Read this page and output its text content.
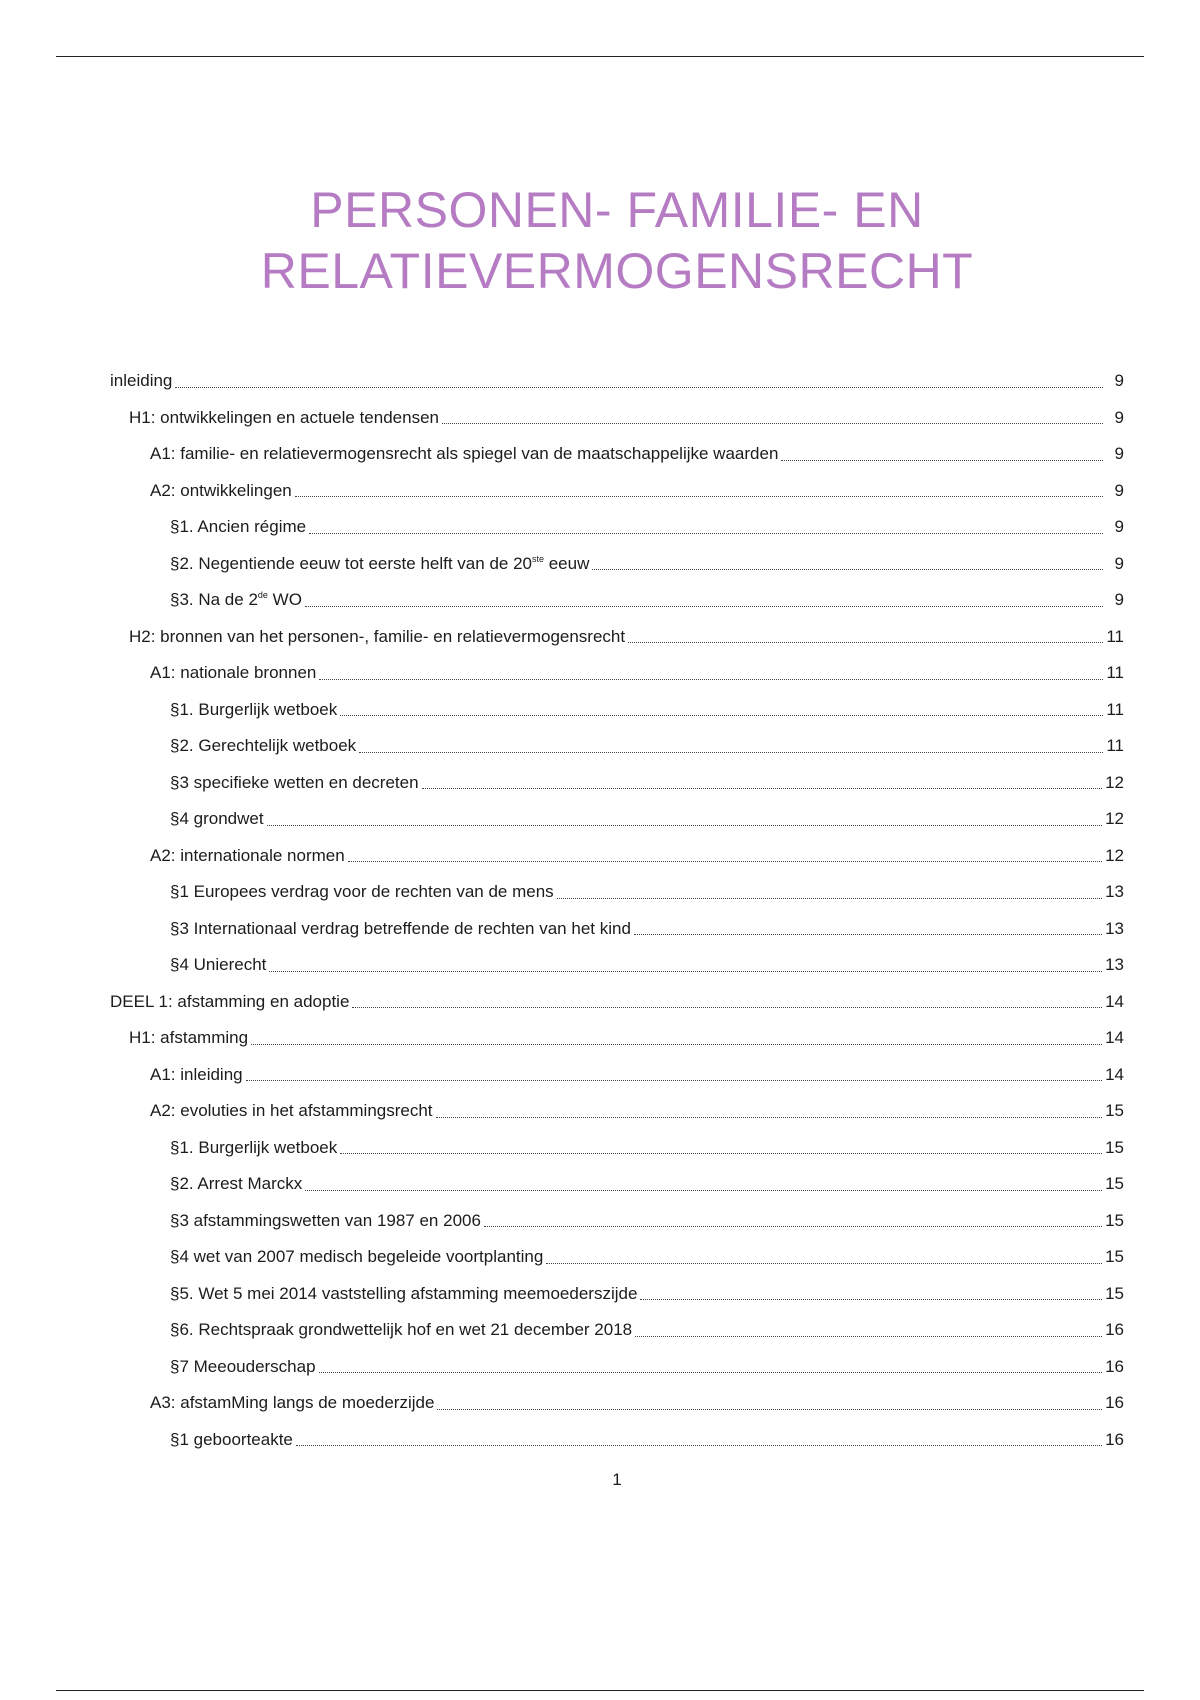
PERSONEN- FAMILIE- EN
RELATIEVERMOGENSRECHT
inleiding	9
H1: ontwikkelingen en actuele tendensen	9
A1: familie- en relatievermogensrecht als spiegel van de maatschappelijke waarden	9
A2: ontwikkelingen	9
§1. Ancien régime	9
§2. Negentiende eeuw tot eerste helft van de 20ste eeuw	9
§3. Na de 2de WO	9
H2: bronnen van het personen-, familie- en relatievermogensrecht	11
A1: nationale bronnen	11
§1. Burgerlijk wetboek	11
§2. Gerechtelijk wetboek	11
§3 specifieke wetten en decreten	12
§4 grondwet	12
A2: internationale normen	12
§1 Europees verdrag voor de rechten van de mens	13
§3 Internationaal verdrag betreffende de rechten van het kind	13
§4 Unierecht	13
DEEL 1: afstamming en adoptie	14
H1: afstamming	14
A1: inleiding	14
A2: evoluties in het afstammingsrecht	15
§1. Burgerlijk wetboek	15
§2. Arrest Marckx	15
§3 afstammingswetten van 1987 en 2006	15
§4 wet van 2007 medisch begeleide voortplanting	15
§5. Wet 5 mei 2014 vaststelling afstamming meemoederszijde	15
§6. Rechtspraak grondwettelijk hof en wet 21 december 2018	16
§7 Meeouderschap	16
A3: afstamMing langs de moederzijde	16
§1 geboorteakte	16
1
